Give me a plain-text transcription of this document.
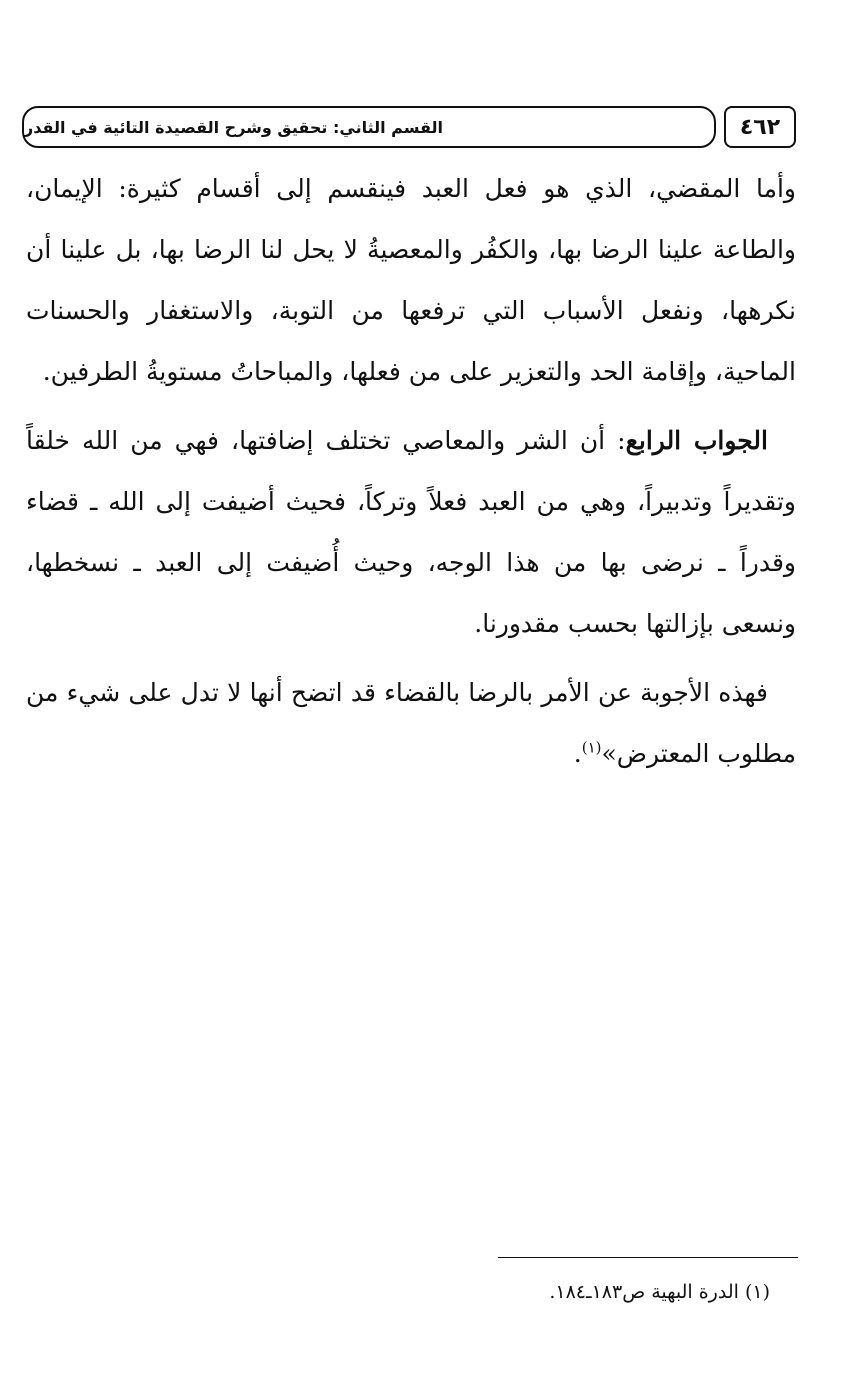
٤٦٢
القسم الثاني: تحقيق وشرح القصيدة التائية في القدر

وأما المقضي، الذي هو فعل العبد فينقسم إلى أقسام كثيرة: الإيمان، والطاعة علينا الرضا بها، والكفُر والمعصيةُ لا يحل لنا الرضا بها، بل علينا أن نكرهها، ونفعل الأسباب التي ترفعها من التوبة، والاستغفار والحسنات الماحية، وإقامة الحد والتعزير على من فعلها، والمباحاتُ مستويةُ الطرفين.

الجواب الرابع: أن الشر والمعاصي تختلف إضافتها، فهي من الله خلقاً وتقديراً وتدبيراً، وهي من العبد فعلاً وتركاً، فحيث أضيفت إلى الله ـ قضاء وقدراً ـ نرضى بها من هذا الوجه، وحيث أُضيفت إلى العبد ـ نسخطها، ونسعى بإزالتها بحسب مقدورنا.

فهذه الأجوبة عن الأمر بالرضا بالقضاء قد اتضح أنها لا تدل على شيء من مطلوب المعترض»$^{(١)}$.

(١) الدرة البهية ص١٨٣ـ١٨٤.
